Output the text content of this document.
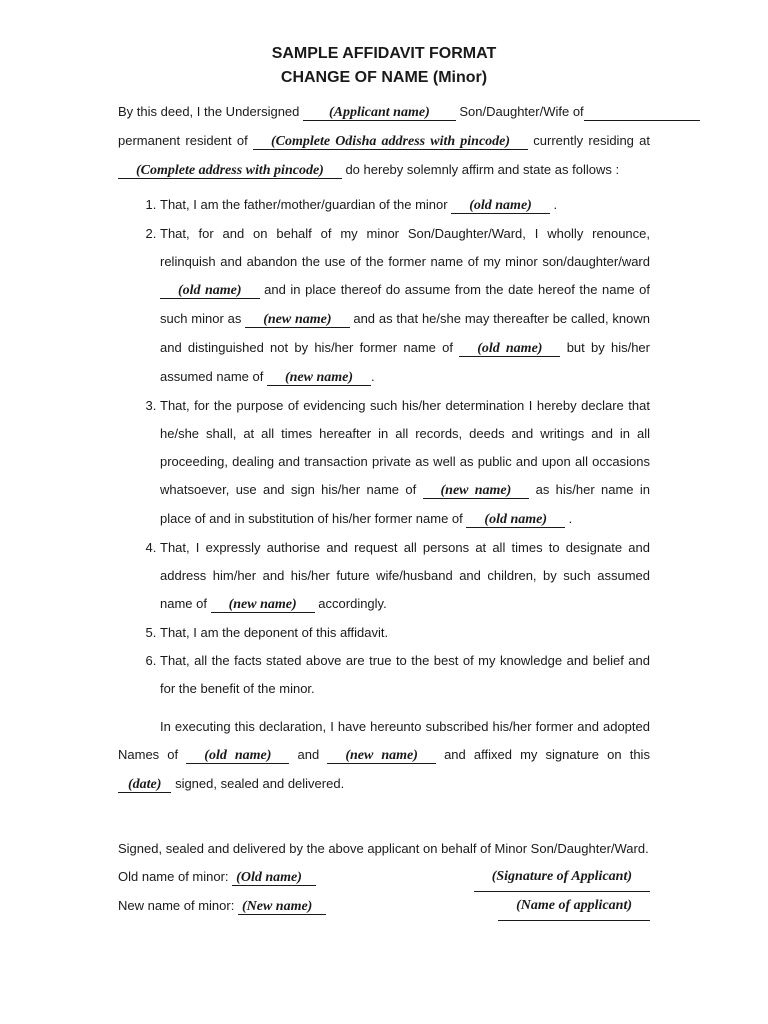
SAMPLE AFFIDAVIT FORMAT
CHANGE OF NAME (Minor)

By this deed, I the Undersigned (Applicant name) Son/Daughter/Wife of permanent resident of (Complete Odisha address with pincode) currently residing at (Complete address with pincode) do hereby solemnly affirm and state as follows :

1. That, I am the father/mother/guardian of the minor (old name) .
2. That, for and on behalf of my minor Son/Daughter/Ward, I wholly renounce, relinquish and abandon the use of the former name of my minor son/daughter/ward (old name) and in place thereof do assume from the date hereof the name of such minor as (new name) and as that he/she may thereafter be called, known and distinguished not by his/her former name of (old name) but by his/her assumed name of (new name) .
3. That, for the purpose of evidencing such his/her determination I hereby declare that he/she shall, at all times hereafter in all records, deeds and writings and in all proceeding, dealing and transaction private as well as public and upon all occasions whatsoever, use and sign his/her name of (new name) as his/her name in place of and in substitution of his/her former name of (old name) .
4. That, I expressly authorise and request all persons at all times to designate and address him/her and his/her future wife/husband and children, by such assumed name of (new name) accordingly.
5. That, I am the deponent of this affidavit.
6. That, all the facts stated above are true to the best of my knowledge and belief and for the benefit of the minor.

In executing this declaration, I have hereunto subscribed his/her former and adopted Names of (old name) and (new name) and affixed my signature on this (date) signed, sealed and delivered.

Signed, sealed and delivered by the above applicant on behalf of Minor Son/Daughter/Ward.

Old name of minor: (Old name)	(Signature of Applicant)
New name of minor: (New name)	(Name of applicant)
